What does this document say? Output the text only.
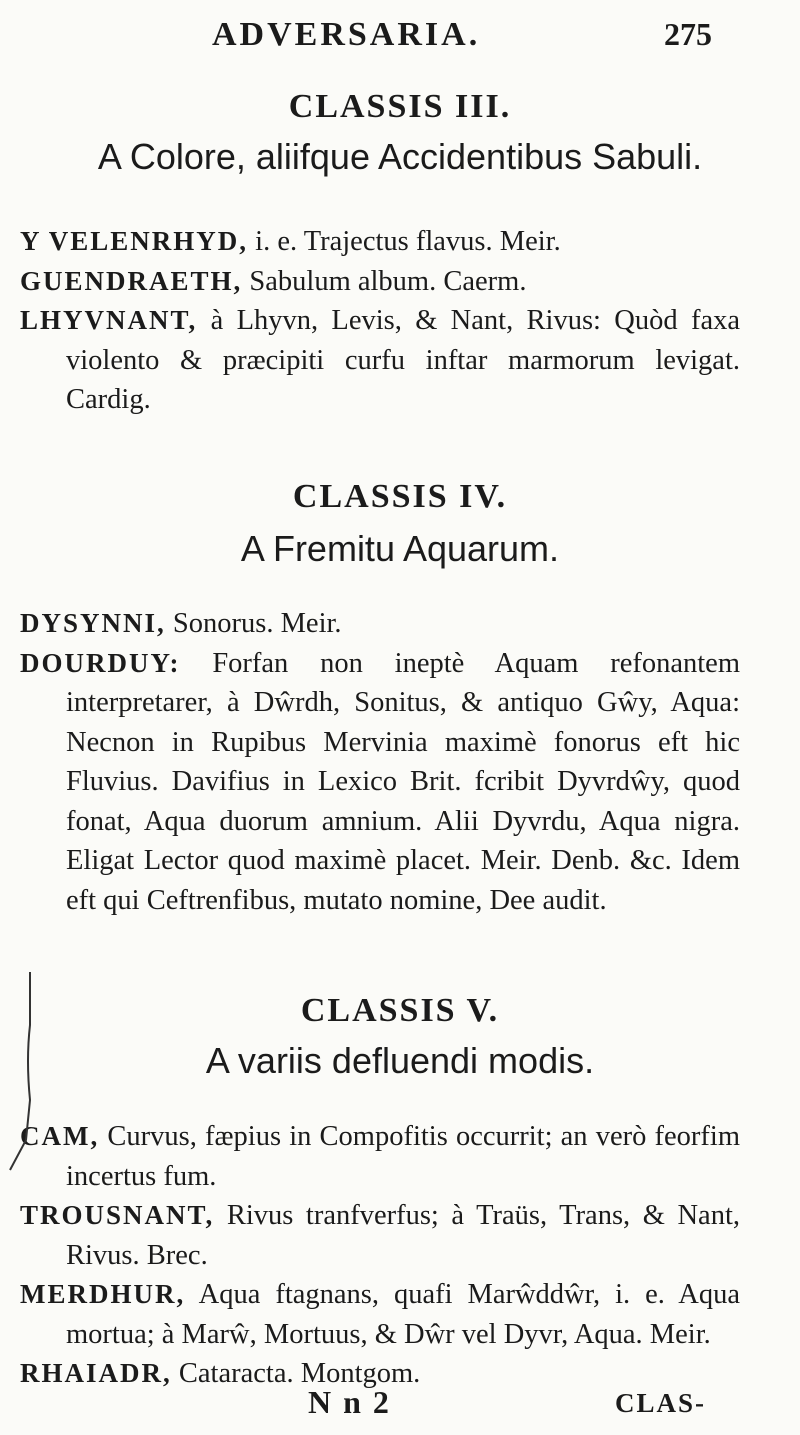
ADVERSARIA.	275
CLASSIS III.
A Colore, aliifque Accidentibus Sabuli.

Y VELENRHYD, i. e. Trajectus flavus. Meir.

GUENDRAETH, Sabulum album. Caerm.

LHYVNANT, à Lhyvn, Levis, & Nant, Rivus: Quòd faxa violento & præcipiti curfu inftar marmorum levigat. Cardig.

CLASSIS IV.
A Fremitu Aquarum.

DYSYNNI, Sonorus. Meir.

DOURDUY: Forfan non ineptè Aquam refonantem interpretarer, à Dŵrdh, Sonitus, & antiquo Gŵy, Aqua: Necnon in Rupibus Mervinia maximè fonorus eft hic Fluvius. Davifius in Lexico Brit. fcribit Dyvrdŵy, quod fonat, Aqua duorum amnium. Alii Dyvrdu, Aqua nigra. Eligat Lector quod maximè placet. Meir. Denb. &c. Idem eft qui Ceftrenfibus, mutato nomine, Dee audit.

CLASSIS V.
A variis defluendi modis.

CAM, Curvus, fæpius in Compofitis occurrit; an verò feorfim incertus fum.

TROUSNANT, Rivus tranfverfus; à Traüs, Trans, & Nant, Rivus. Brec.

MERDHUR, Aqua ftagnans, quafi Marŵddŵr, i. e. Aqua mortua; à Marŵ, Mortuus, & Dŵr vel Dyvr, Aqua. Meir.

RHAIADR, Cataracta. Montgom.

N n 2	CLAS-
